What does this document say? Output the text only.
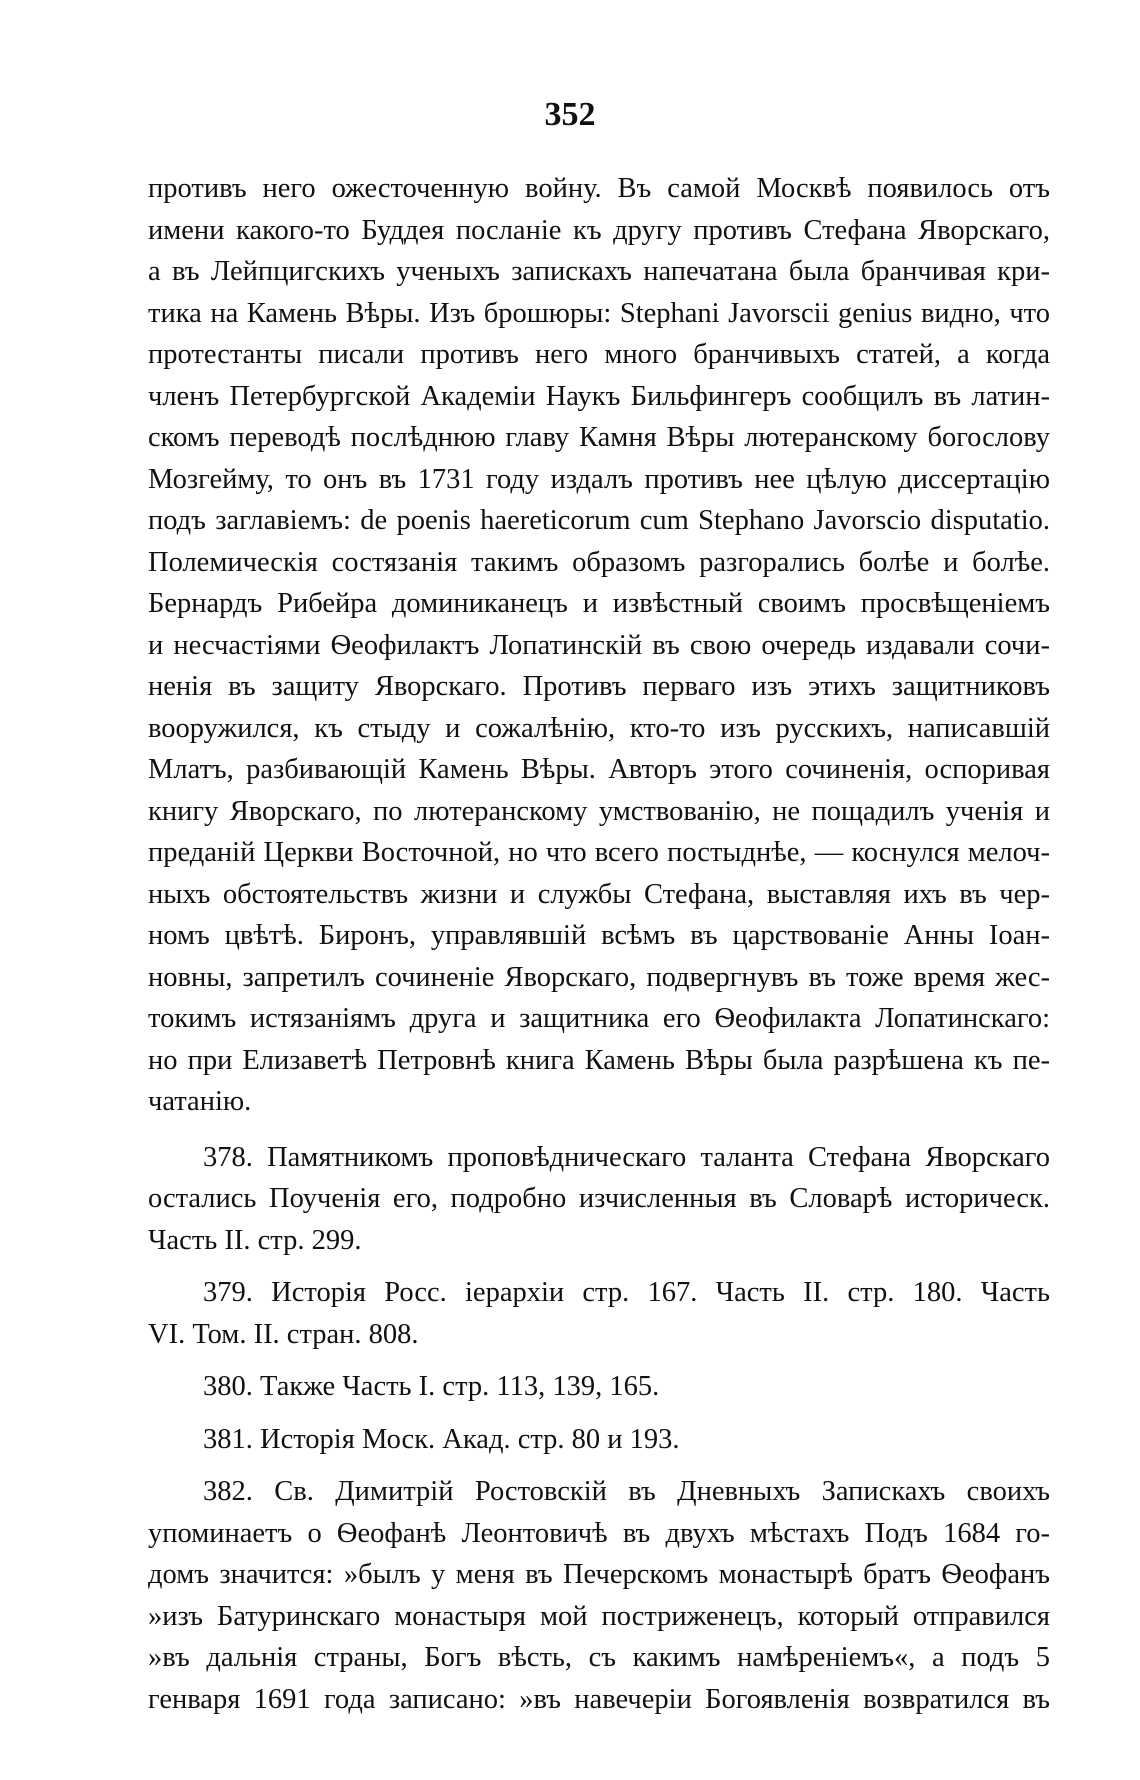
352
противъ него ожесточенную войну. Въ самой Москвѣ появилось отъ
имени какого-то Буддея посланіе къ другу противъ Стефана Яворскаго,
а въ Лейпцигскихъ ученыхъ запискахъ напечатана была бранчивая кри-
тика на Камень Вѣры. Изъ брошюры: Stephani Javorscii genius видно, что
протестанты писали противъ него много бранчивыхъ статей, а когда
членъ Петербургской Академіи Наукъ Бильфингеръ сообщилъ въ латин-
скомъ переводѣ послѣднюю главу Камня Вѣры лютеранскому богослову
Мозгейму, то онъ въ 1731 году издалъ противъ нее цѣлую диссертацію
подъ заглавіемъ: de poenis haereticorum cum Stephano Javorscio disputatio.
Полемическія состязанія такимъ образомъ разгорались болѣе и болѣе.
Бернардъ Рибейра доминиканецъ и извѣстный своимъ просвѣщеніемъ
и несчастіями Ѳеофилактъ Лопатинскій въ свою очередь издавали сочи-
ненія въ защиту Яворскаго. Противъ перваго изъ этихъ защитниковъ
вооружился, къ стыду и сожалѣнію, кто-то изъ русскихъ, написавшій
Млатъ, разбивающій Камень Вѣры. Авторъ этого сочиненія, оспоривая
книгу Яворскаго, по лютеранскому умствованію, не пощадилъ ученія и
преданій Церкви Восточной, но что всего постыднѣе, — коснулся мелоч-
ныхъ обстоятельствъ жизни и службы Стефана, выставляя ихъ въ чер-
номъ цвѣтѣ. Биронъ, управлявшій всѣмъ въ царствованіе Анны Іоан-
новны, запретилъ сочиненіе Яворскаго, подвергнувъ въ тоже время жес-
токимъ истязаніямъ друга и защитника его Ѳеофилакта Лопатинскаго:
но при Елизаветѣ Петровнѣ книга Камень Вѣры была разрѣшена къ пе-
чатанію.
378. Памятникомъ проповѣдническаго таланта Стефана Яворскаго
остались Поученія его, подробно изчисленныя въ Словарѣ историческ.
Часть II. стр. 299.
379. Исторія Росс. іерархіи стр. 167. Часть II. стр. 180. Часть
VI. Том. II. стран. 808.
380. Также Часть I. стр. 113, 139, 165.
381. Исторія Моск. Акад. стр. 80 и 193.
382. Св. Димитрій Ростовскій въ Дневныхъ Запискахъ своихъ
упоминаетъ о Ѳеофанѣ Леонтовичѣ въ двухъ мѣстахъ Подъ 1684 го-
домъ значится: »былъ у меня въ Печерскомъ монастырѣ братъ Ѳеофанъ
»изъ Батуринскаго монастыря мой постриженецъ, который отправился
»въ дальнія страны, Богъ вѣсть, съ какимъ намѣреніемъ«, а подъ 5
генваря 1691 года записано: »въ навечеріи Богоявленія возвратился въ
